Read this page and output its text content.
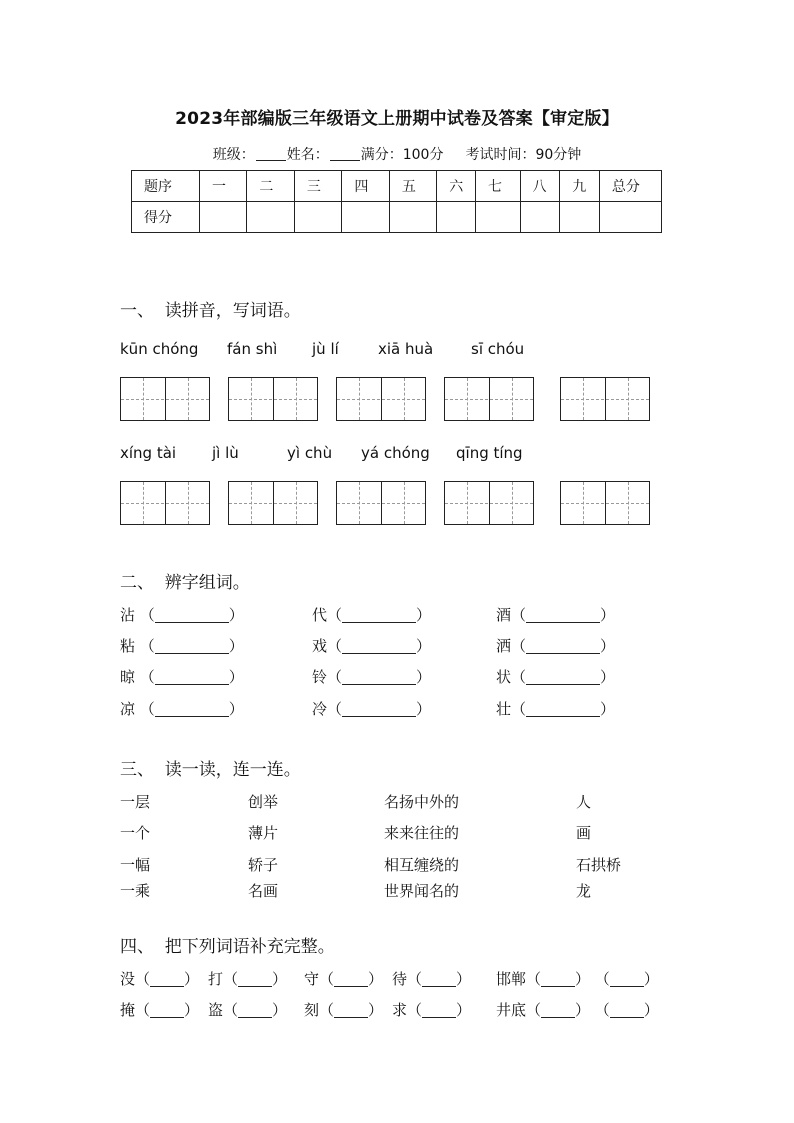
2023年部编版三年级语文上册期中试卷及答案【审定版】
班级： 姓名： 满分：100分 考试时间：90分钟
题序	一	二	三	四	五	六	七	八	九	总分
得分										
一、  读拼音，写词语。
kūn chóng fán shì jù lí	xiā huà	sī chóu
xíng tài jì lù	yì chù yá chóng qīng tíng
二、  辨字组词。
沾 （	）	代（	）	酒（	）
粘 （	）	戏（	）	洒（	）
晾 （	）	铃（	）	状（	）
凉 （	）	冷（	）	壮（	）
三、  读一读，连一连。
一层	创举	名扬中外的	人
一个	薄片	来来往往的	画
一幅	轿子	相互缠绕的	石拱桥
一乘	名画	世界闻名的	龙
四、  把下列词语补充完整。
没（ ） 打（ ） 守（ ） 待（ ） 邯郸（ ） （ ）
掩（ ） 盗（ ） 刻（ ） 求（ ） 井底（ ） （ ）
